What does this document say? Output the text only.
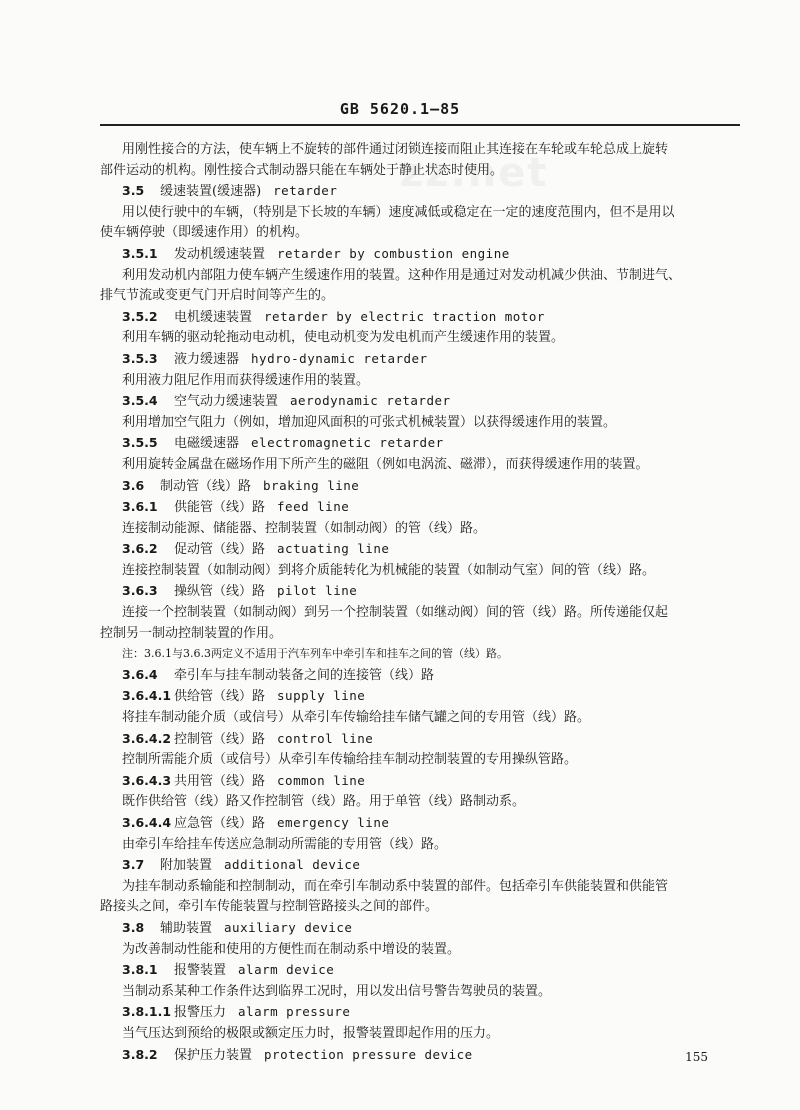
zz.net
GB 5620.1—85
用刚性接合的方法，使车辆上不旋转的部件通过闭锁连接而阻止其连接在车轮或车轮总成上旋转
部件运动的机构。刚性接合式制动器只能在车辆处于静止状态时使用。
3.5 缓速装置(缓速器) retarder
用以使行驶中的车辆，（特别是下长坡的车辆）速度减低或稳定在一定的速度范围内，但不是用以
使车辆停驶（即缓速作用）的机构。
3.5.1 发动机缓速装置 retarder by combustion engine
利用发动机内部阻力使车辆产生缓速作用的装置。这种作用是通过对发动机减少供油、节制进气、
排气节流或变更气门开启时间等产生的。
3.5.2 电机缓速装置 retarder by electric traction motor
利用车辆的驱动轮拖动电动机，使电动机变为发电机而产生缓速作用的装置。
3.5.3 液力缓速器 hydro-dynamic retarder
利用液力阻尼作用而获得缓速作用的装置。
3.5.4 空气动力缓速装置 aerodynamic retarder
利用增加空气阻力（例如，增加迎风面积的可张式机械装置）以获得缓速作用的装置。
3.5.5 电磁缓速器 electromagnetic retarder
利用旋转金属盘在磁场作用下所产生的磁阻（例如电涡流、磁滞），而获得缓速作用的装置。
3.6 制动管（线）路 braking line
3.6.1 供能管（线）路 feed line
连接制动能源、储能器、控制装置（如制动阀）的管（线）路。
3.6.2 促动管（线）路 actuating line
连接控制装置（如制动阀）到将介质能转化为机械能的装置（如制动气室）间的管（线）路。
3.6.3 操纵管（线）路 pilot line
连接一个控制装置（如制动阀）到另一个控制装置（如继动阀）间的管（线）路。所传递能仅起
控制另一制动控制装置的作用。
注：3.6.1与3.6.3两定义不适用于汽车列车中牵引车和挂车之间的管（线）路。
3.6.4 牵引车与挂车制动装备之间的连接管（线）路
3.6.4.1 供给管（线）路 supply line
将挂车制动能介质（或信号）从牵引车传输给挂车储气罐之间的专用管（线）路。
3.6.4.2 控制管（线）路 control line
控制所需能介质（或信号）从牵引车传输给挂车制动控制装置的专用操纵管路。
3.6.4.3 共用管（线）路 common line
既作供给管（线）路又作控制管（线）路。用于单管（线）路制动系。
3.6.4.4 应急管（线）路 emergency line
由牵引车给挂车传送应急制动所需能的专用管（线）路。
3.7 附加装置 additional device
为挂车制动系输能和控制制动，而在牵引车制动系中装置的部件。包括牵引车供能装置和供能管
路接头之间，牵引车传能装置与控制管路接头之间的部件。
3.8 辅助装置 auxiliary device
为改善制动性能和使用的方便性而在制动系中增设的装置。
3.8.1 报警装置 alarm device
当制动系某种工作条件达到临界工况时，用以发出信号警告驾驶员的装置。
3.8.1.1 报警压力 alarm pressure
当气压达到预给的极限或额定压力时，报警装置即起作用的压力。
3.8.2 保护压力装置 protection pressure device	155
